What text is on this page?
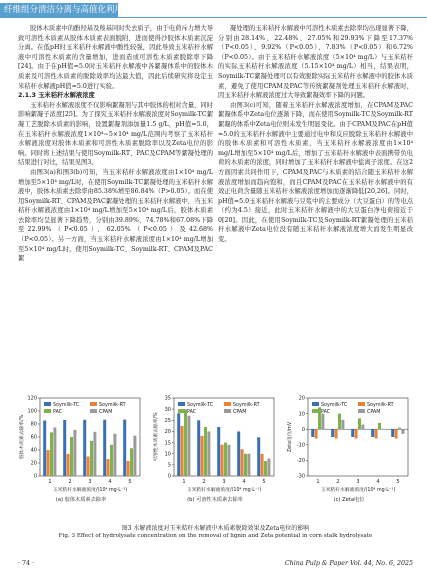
纤维组分清洁分离与高值化利用

胶体木质素中的酚羟基及羧基同时失去质子，由于电荷斥力增大导致可溶性木质素从胶体木质素表面脱附，进而使得沙胶体木质素沉淀分离。在低pH时玉米秸秆水解液中酸性较强，因此导致玉米秸秆水解液中可溶性木质素的含量增加，进而造成可溶性木质素脱除率下降[24]。由于在pH值=5.0时玉米秸秆水解液中各絮凝体系中的胶体木质素及可溶性木质素的脱除效率均达最大值，因此后续研究将设定玉米秸秆水解液pH值=5.0进行实验。

2.1.3 玉米秸秆水解液浓度

玉米秸秆水解液浓度不仅影响絮凝剂与其中胶体的相对含量，同时影响絮凝子浓度[25]。为了探究玉米秸秆水解液浓度对Soymilk-TC絮凝工艺脱除木质素的影响，设置絮凝剂添加量1.5 g/L，pH值=5.0，在玉米秸秆水解液浓度1×10⁴~5×10⁴ mg/L范围内考察了玉米秸秆水解液浓度对胶体木质素和可溶性木质素脱除率以及Zeta电位的影响。同时将上述结果与使用Soymilk-RT、PAC及CPAM等絮凝处理的结果进行对比，结果见图3。

由图3(a)和图3(b)可知，当玉米秸秆水解液浓度由1×10⁴ mg/L增加至5×10⁴ mg/L时，在使用Soymilk-TC絮凝处理的玉米秸秆水解液中，胶体木质素去除率由85.38%增至86.84%（P>0.05）。而在使用Soymilk-RT、CPAM及PAC絮凝处理的玉米秸秆水解液中，当玉米秸秆水解液浓度由1×10⁴ mg/L增加至5×10⁴ mg/L后，胶体木质素去除率均呈显著下降趋势，分别由39.89%、74.78%和67.08%下降至22.99%（P<0.05）、62.05%（P<0.05）及42.68%（P<0.05）。另一方面，当玉米秸秆水解液浓度由1×10⁴ mg/L增加至5×10⁴ mg/L时，使用Soymilk-TC、Soymilk-RT、CPAM及PAC絮

凝处理的玉米秸秆水解液中可溶性木质素去除率均出现显著下降，分别由28.14%、22.48%、27.05%和29.93%下降至17.37%（P<0.05）、9.92%（P<0.05）、7.83%（P<0.05）和6.72%（P<0.05）。由于玉米秸秆水解液浓度（5×10⁴ mg/L）与玉米秸秆的实际玉米秸秆水解液浓度（5.15×10⁴ mg/L）相当，结果表明，Soymilk-TC絮凝处理可以有效脱除实际玉米秸秆水解液中的胶体木质素，避免了使用CPAM及PAC等传统絮凝剂处理玉米秸秆水解液时，因玉米秸秆水解液浓度过大导致絮凝效率下降的问题。

由图3(c)可知，随着玉米秸秆水解液浓度增加，在CPAM及PAC絮凝体系中Zeta电位逐渐下降，而在使用Soymilk-TC及Soymilk-RT絮凝的体系中Zeta电位则未发生明显变化。由于CPAM及PAC在pH值=5.0的玉米秸秆水解液中主要通过电中和反应脱除玉米秸秆水解液中的胶体木质素和可溶性木质素，当玉米秸秆水解液浓度由1×10⁴ mg/L增加至5×10⁴ mg/L后，增加了玉米秸秆水解液中表面携带负电荷的木质素的浓度，同时增加了玉米秸秆水解液中盐离子浓度。在这2方面因素共同作用下，CPAM及PAC与木质素的结合随玉米秸秆水解液浓度增加而趋向饱和，而且CPAM及PAC在玉米秸秆水解液中的有效正电荷含量随玉米秸秆水解液浓度增加而逐渐降低[20,26]。同时，pH值=5.0玉米秸秆水解液与豆浆中的主要成分（大豆蛋白）的等电点（约为4.5）接近，此时玉米秸秆水解液中的大豆蛋白净电荷接近于0[20]。因此，在使用Soymilk-TC及Soymilk-RT絮凝处理的玉米秸秆水解液中Zeta电位没有随玉米秸秆水解液浓度增大而发生明显改变。

0
20
40
60
80
100
120
1	2	3	4	5
玉米秸秆水解液浓度/(10⁴ mg·L⁻¹)
胶体木质素去除率/%
Soymilk-TC	Soymilk-RT
PAC	CPAM
(a) 胶体木质素去除率
0
5
10
15
20
25
30
35
1	2	3	4	5
玉米秸秆水解液浓度/(10⁴ mg·L⁻¹)
可溶性木质素去除率/%
Soymilk-TC	Soymilk-RT
PAC	CPAM
(b) 可溶性木质素去除率
-30
-20
-10
0
10
20
1	2	3	4	5
玉米秸秆水解液浓度/(10⁴ mg·L⁻¹)
Zeta电位/mV
Soymilk-TC	Soymilk-RT
PAC	CPAM
(c) Zeta电位
图3 水解液浓度对玉米秸秆水解液中木质素脱除效果及Zeta电位的影响
Fig. 3 Effect of hydrolysate concentration on the removal of lignin and Zeta potential in corn stalk hydrolysate
· 74 ·	China Pulp & Paper Vol. 44, No. 6, 2025
